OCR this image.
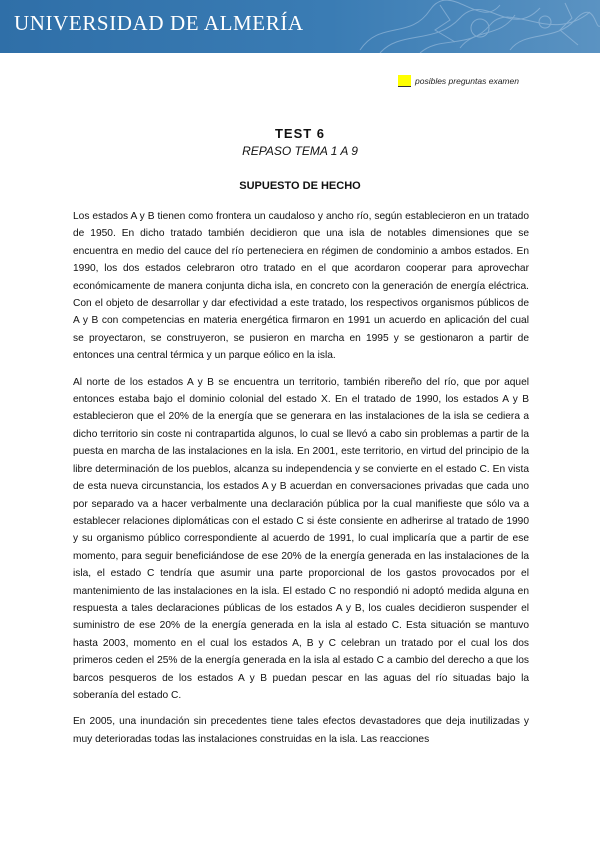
UNIVERSIDAD DE ALMERÍA
posibles preguntas examen
TEST 6
REPASO TEMA 1 A 9
SUPUESTO DE HECHO

Los estados A y B tienen como frontera un caudaloso y ancho río, según establecieron en un tratado de 1950. En dicho tratado también decidieron que una isla de notables dimensiones que se encuentra en medio del cauce del río perteneciera en régimen de condominio a ambos estados. En 1990, los dos estados celebraron otro tratado en el que acordaron cooperar para aprovechar económicamente de manera conjunta dicha isla, en concreto con la generación de energía eléctrica. Con el objeto de desarrollar y dar efectividad a este tratado, los respectivos organismos públicos de A y B con competencias en materia energética firmaron en 1991 un acuerdo en aplicación del cual se proyectaron, se construyeron, se pusieron en marcha en 1995 y se gestionaron a partir de entonces una central térmica y un parque eólico en la isla.

Al norte de los estados A y B se encuentra un territorio, también ribereño del río, que por aquel entonces estaba bajo el dominio colonial del estado X. En el tratado de 1990, los estados A y B establecieron que el 20% de la energía que se generara en las instalaciones de la isla se cediera a dicho territorio sin coste ni contrapartida algunos, lo cual se llevó a cabo sin problemas a partir de la puesta en marcha de las instalaciones en la isla. En 2001, este territorio, en virtud del principio de la libre determinación de los pueblos, alcanza su independencia y se convierte en el estado C. En vista de esta nueva circunstancia, los estados A y B acuerdan en conversaciones privadas que cada uno por separado va a hacer verbalmente una declaración pública por la cual manifieste que sólo va a establecer relaciones diplomáticas con el estado C si éste consiente en adherirse al tratado de 1990 y su organismo público correspondiente al acuerdo de 1991, lo cual implicaría que a partir de ese momento, para seguir beneficiándose de ese 20% de la energía generada en las instalaciones de la isla, el estado C tendría que asumir una parte proporcional de los gastos provocados por el mantenimiento de las instalaciones en la isla. El estado C no respondió ni adoptó medida alguna en respuesta a tales declaraciones públicas de los estados A y B, los cuales decidieron suspender el suministro de ese 20% de la energía generada en la isla al estado C. Esta situación se mantuvo hasta 2003, momento en el cual los estados A, B y C celebran un tratado por el cual los dos primeros ceden el 25% de la energía generada en la isla al estado C a cambio del derecho a que los barcos pesqueros de los estados A y B puedan pescar en las aguas del río situadas bajo la soberanía del estado C.

En 2005, una inundación sin precedentes tiene tales efectos devastadores que deja inutilizadas y muy deterioradas todas las instalaciones construidas en la isla. Las reacciones
